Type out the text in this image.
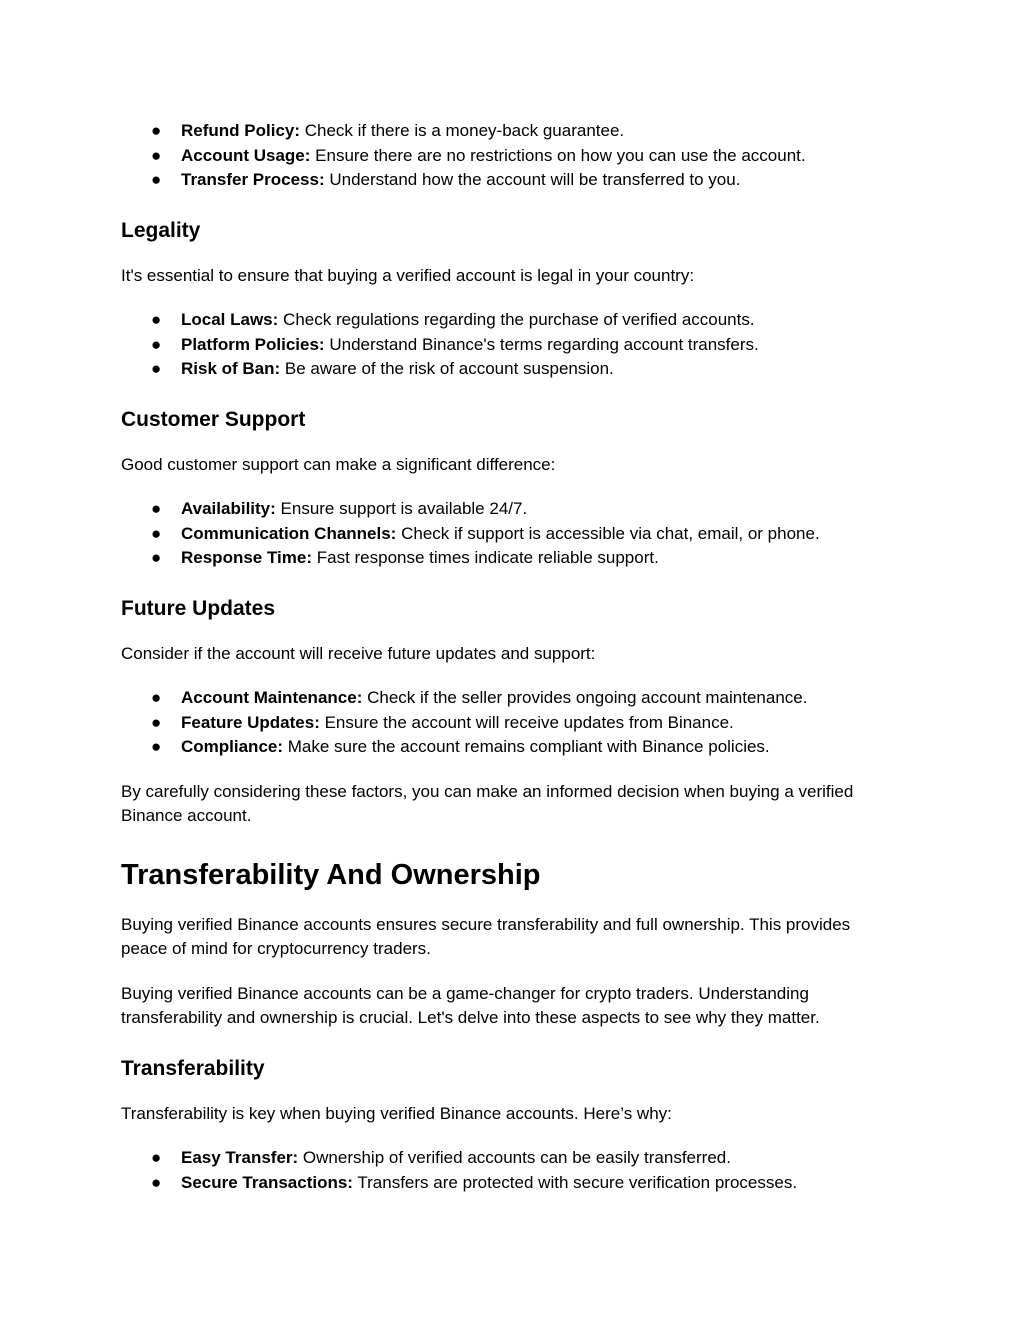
● Refund Policy: Check if there is a money-back guarantee.
● Account Usage: Ensure there are no restrictions on how you can use the account.
● Transfer Process: Understand how the account will be transferred to you.
Legality

It's essential to ensure that buying a verified account is legal in your country:

● Local Laws: Check regulations regarding the purchase of verified accounts.
● Platform Policies: Understand Binance's terms regarding account transfers.
● Risk of Ban: Be aware of the risk of account suspension.
Customer Support

Good customer support can make a significant difference:

● Availability: Ensure support is available 24/7.
● Communication Channels: Check if support is accessible via chat, email, or phone.
● Response Time: Fast response times indicate reliable support.
Future Updates

Consider if the account will receive future updates and support:

● Account Maintenance: Check if the seller provides ongoing account maintenance.
● Feature Updates: Ensure the account will receive updates from Binance.
● Compliance: Make sure the account remains compliant with Binance policies.

By carefully considering these factors, you can make an informed decision when buying a verified Binance account.

Transferability And Ownership

Buying verified Binance accounts ensures secure transferability and full ownership. This provides peace of mind for cryptocurrency traders.

Buying verified Binance accounts can be a game-changer for crypto traders. Understanding transferability and ownership is crucial. Let's delve into these aspects to see why they matter.

Transferability

Transferability is key when buying verified Binance accounts. Here’s why:

● Easy Transfer: Ownership of verified accounts can be easily transferred.
● Secure Transactions: Transfers are protected with secure verification processes.
